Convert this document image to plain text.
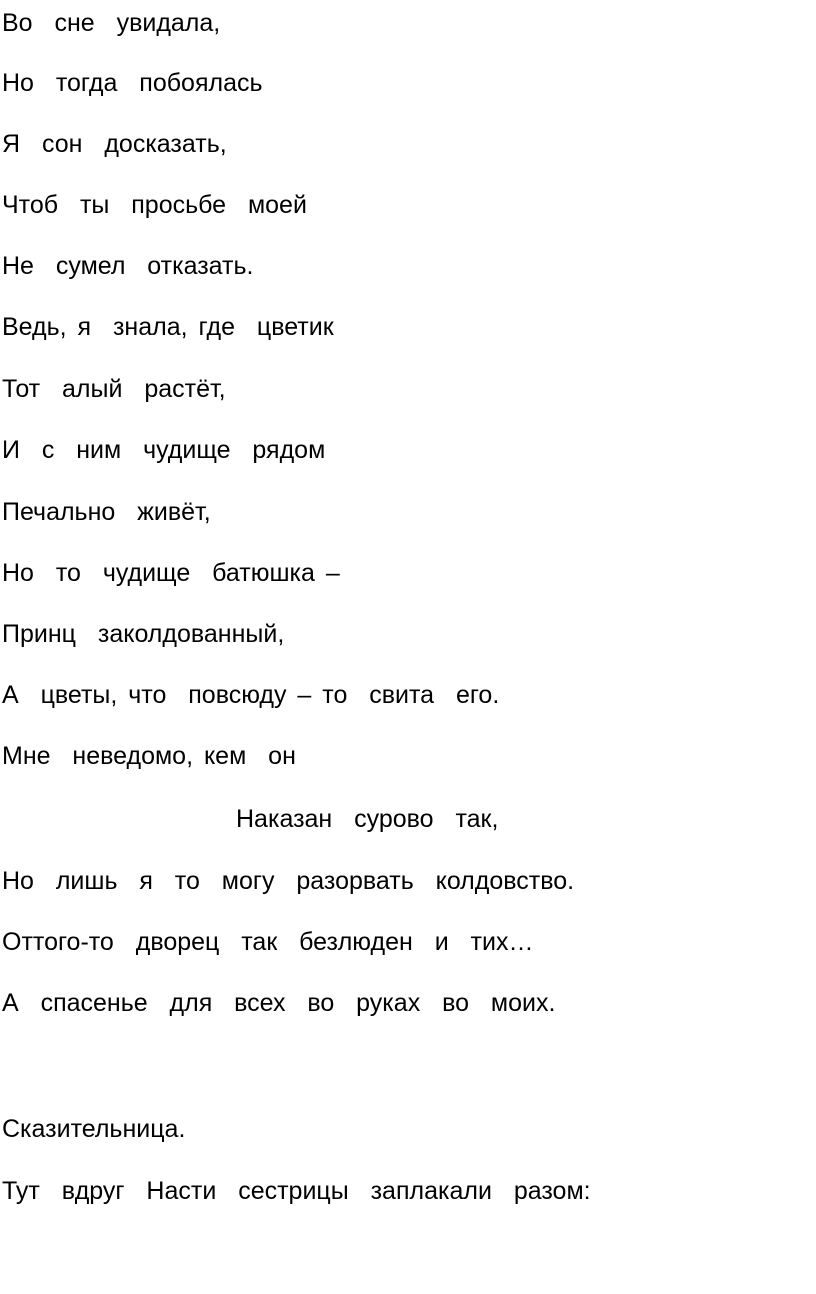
Во  сне  увидала,

Но  тогда  побоялась

Я  сон  досказать,

Чтоб  ты  просьбе  моей

Не  сумел  отказать.

Ведь, я  знала, где  цветик

Тот  алый  растёт,

И  с  ним  чудище  рядом

Печально  живёт,

Но  то  чудище  батюшка –

Принц  заколдованный,

А  цветы, что  повсюду – то  свита  его.

Мне  неведомо, кем  он

Наказан  сурово  так,

Но  лишь  я  то  могу  разорвать  колдовство.

Оттого-то  дворец  так  безлюден  и  тих…

А  спасенье  для  всех  во  руках  во  моих.

Сказительница.

Тут  вдруг  Насти  сестрицы  заплакали  разом:
